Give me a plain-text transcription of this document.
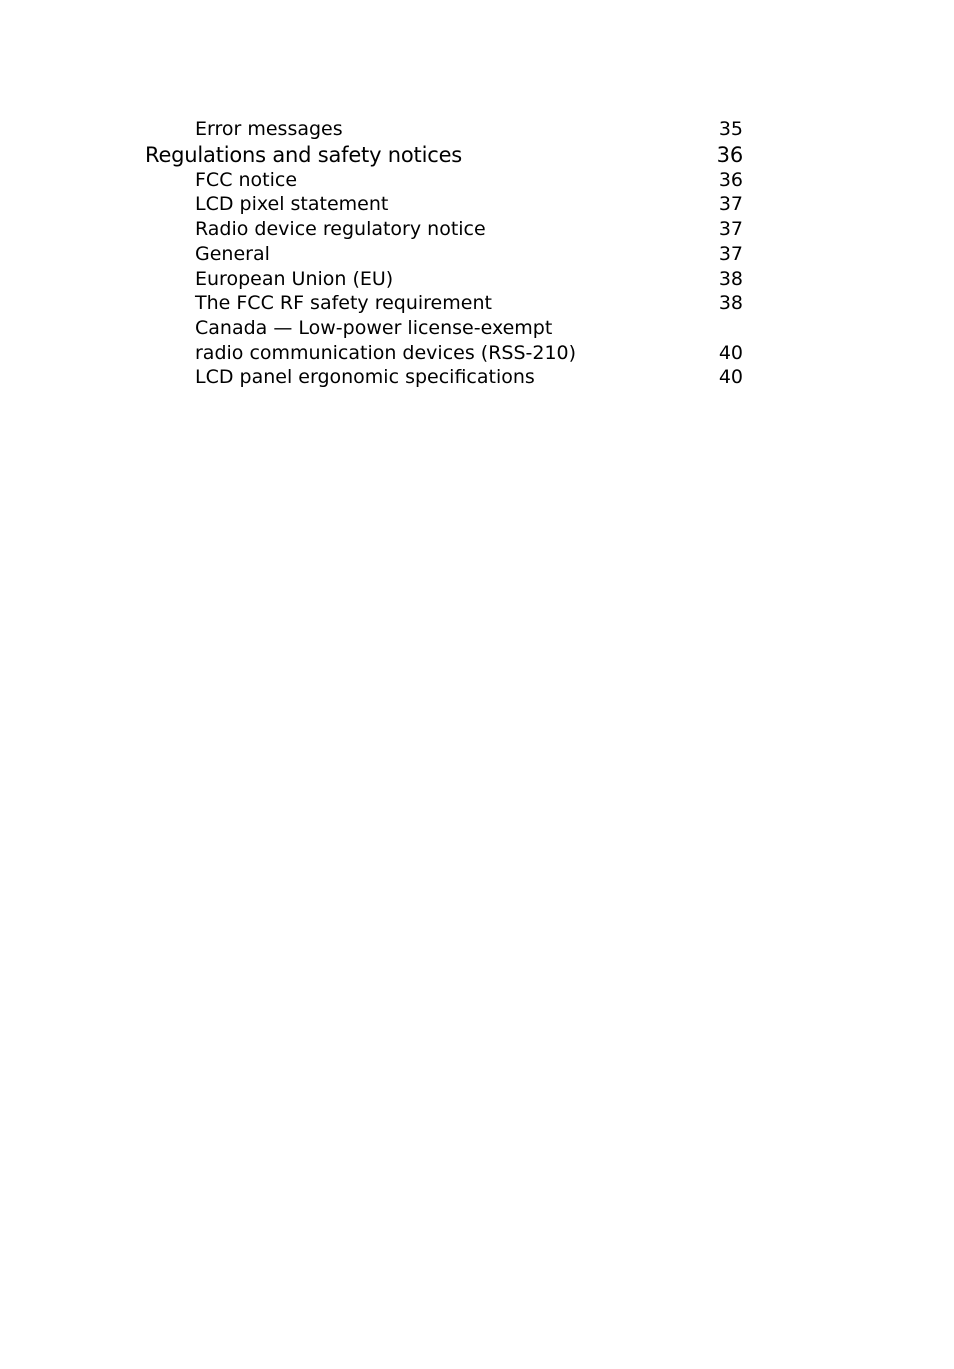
Error messages	35
Regulations and safety notices	36
FCC notice	36
LCD pixel statement	37
Radio device regulatory notice	37
General	37
European Union (EU)	38
The FCC RF safety requirement	38
Canada — Low-power license-exempt
radio communication devices (RSS-210)	40
LCD panel ergonomic specifications	40
